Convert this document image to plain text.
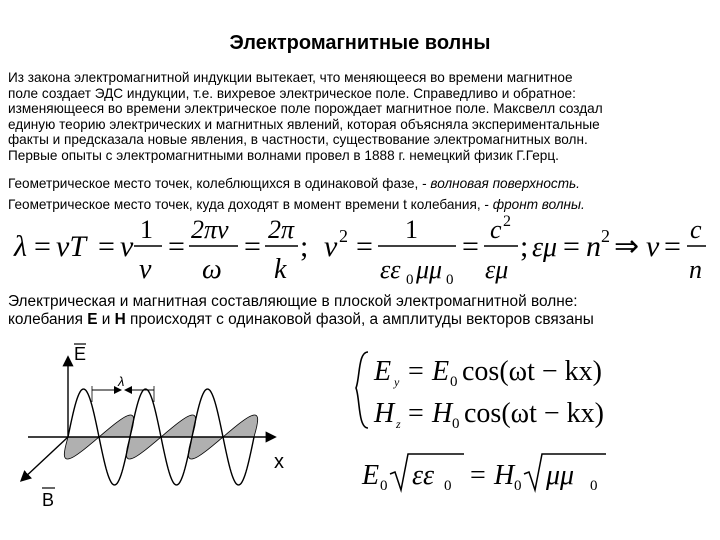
Электромагнитные волны
Из закона электромагнитной индукции вытекает, что меняющееся во времени магнитное
поле создает ЭДС индукции, т.е. вихревое электрическое поле. Справедливо и обратное:
изменяющееся во времени электрическое поле порождает магнитное поле. Максвелл создал
единую теорию электрических и магнитных явлений, которая объясняла экспериментальные
факты и предсказала новые явления, в частности, существование электромагнитных волн.
Первые опыты с электромагнитными волнами провел в 1888 г. немецкий физик Г.Герц.
Геометрическое место точек, колеблющихся в одинаковой фазе, - волновая поверхность.
Геометрическое место точек, куда доходят в момент времени t колебания, - фронт волны.
λ = vT = v
1
ν
=
2πv
ω
=
2π
k
; v 2 =
1
εε 0 μμ 0
=
c 2
εμ
; εμ = n 2 ⇒ v =
c
n
Электрическая и магнитная составляющие в плоской электромагнитной волне:
колебания E и H происходят с одинаковой фазой, а амплитуды векторов связаны
λ
E
x
B
E y = E 0 cos(ωt − kx)
H z = H 0 cos(ωt − kx)
E 0 εε 0 = H 0 μμ 0
